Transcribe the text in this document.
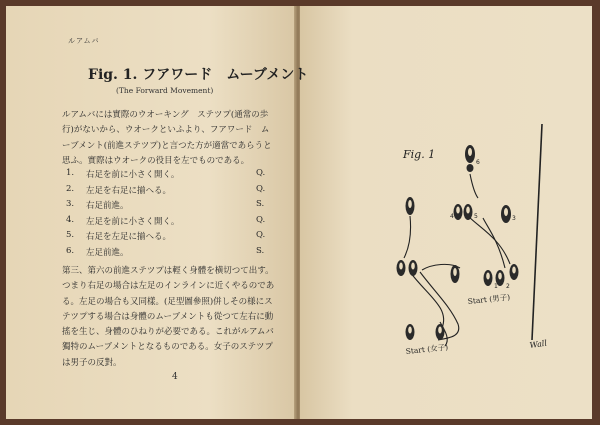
ルアムバ
Fig. 1. フアワード　ムーブメント
(The Forward Movement)
ルアムバには實際のウオーキング　ステツプ(通常の歩行)がないから、ウオークといふより、フアワード　ムーブメント(前進ステツプ)と言つた方が適當であらうと思ふ。實際はウオークの役目を左でものである。
1. 右足を前に小さく開く。	Q.
2. 左足を右足に揃へる。	Q.
3. 右足前進。	S.
4. 左足を前に小さく開く。	Q.
5. 右足を左足に揃へる。	Q.
6. 左足前進。	S.
第三、第六の前進ステツプは輕く身體を横切つて出す。つまり右足の場合は左足のインラインに近くやるのである。左足の場合も又同樣。(足型圖參照)併しその様にステツプする場合は身體のムーブメントも從つて左右に動搖を生じ、身體のひねりが必要である。これがルアムバ獨特のムーブメントとなるものである。女子のステツプは男子の反對。
4
Fig. 1
Wall
6
4	5	3
1 2
Start (男子)
Start (女子)
